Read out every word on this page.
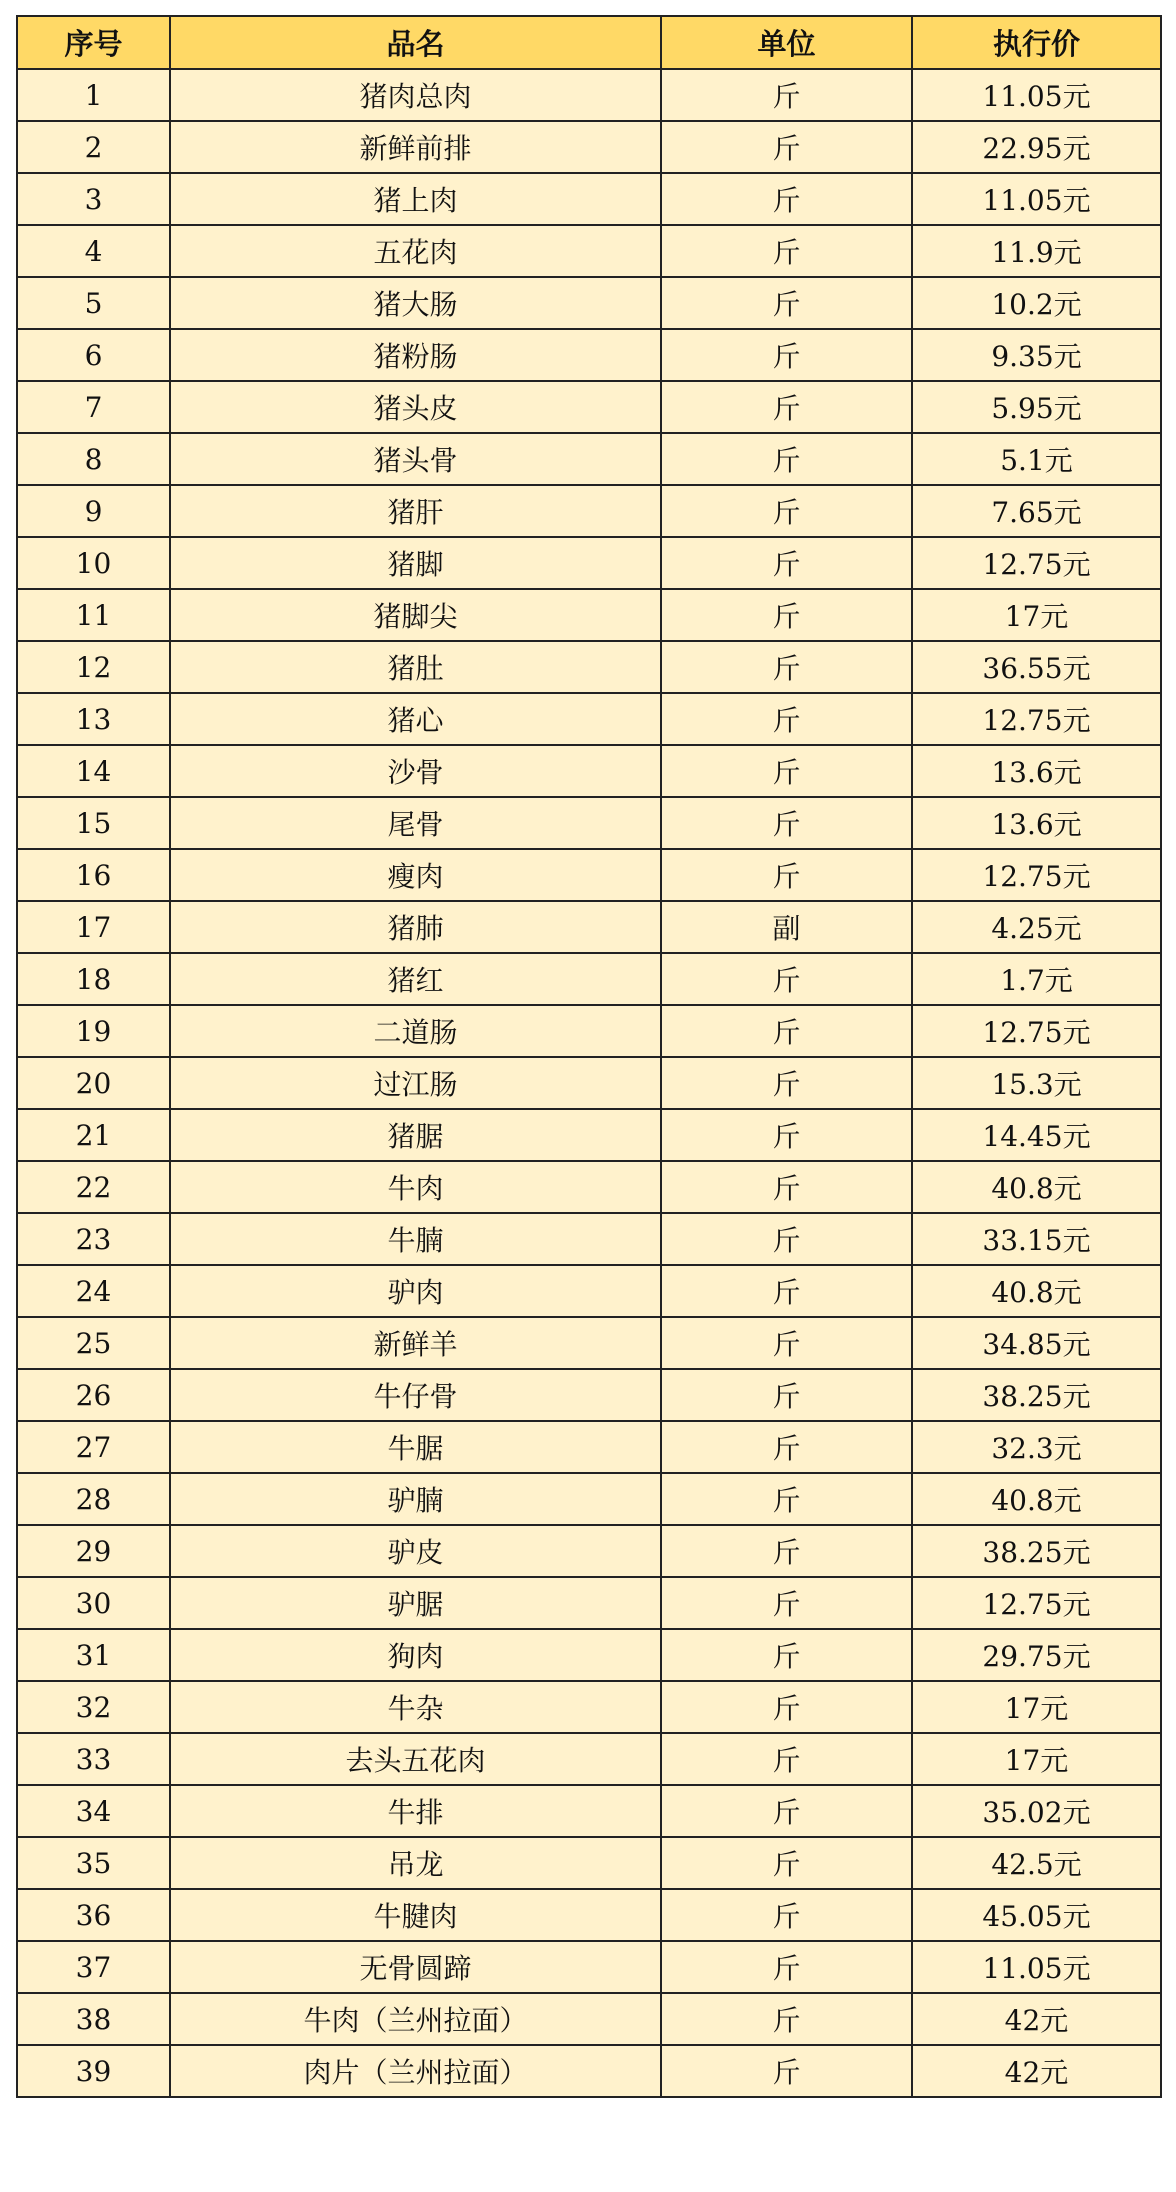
序号	品名	单位	执行价
1	猪肉总肉	斤	11.05元
2	新鲜前排	斤	22.95元
3	猪上肉	斤	11.05元
4	五花肉	斤	11.9元
5	猪大肠	斤	10.2元
6	猪粉肠	斤	9.35元
7	猪头皮	斤	5.95元
8	猪头骨	斤	5.1元
9	猪肝	斤	7.65元
10	猪脚	斤	12.75元
11	猪脚尖	斤	17元
12	猪肚	斤	36.55元
13	猪心	斤	12.75元
14	沙骨	斤	13.6元
15	尾骨	斤	13.6元
16	瘦肉	斤	12.75元
17	猪肺	副	4.25元
18	猪红	斤	1.7元
19	二道肠	斤	12.75元
20	过江肠	斤	15.3元
21	猪腒	斤	14.45元
22	牛肉	斤	40.8元
23	牛腩	斤	33.15元
24	驴肉	斤	40.8元
25	新鲜羊	斤	34.85元
26	牛仔骨	斤	38.25元
27	牛腒	斤	32.3元
28	驴腩	斤	40.8元
29	驴皮	斤	38.25元
30	驴腒	斤	12.75元
31	狗肉	斤	29.75元
32	牛杂	斤	17元
33	去头五花肉	斤	17元
34	牛排	斤	35.02元
35	吊龙	斤	42.5元
36	牛腱肉	斤	45.05元
37	无骨圆蹄	斤	11.05元
38	牛肉（兰州拉面）	斤	42元
39	肉片（兰州拉面）	斤	42元
